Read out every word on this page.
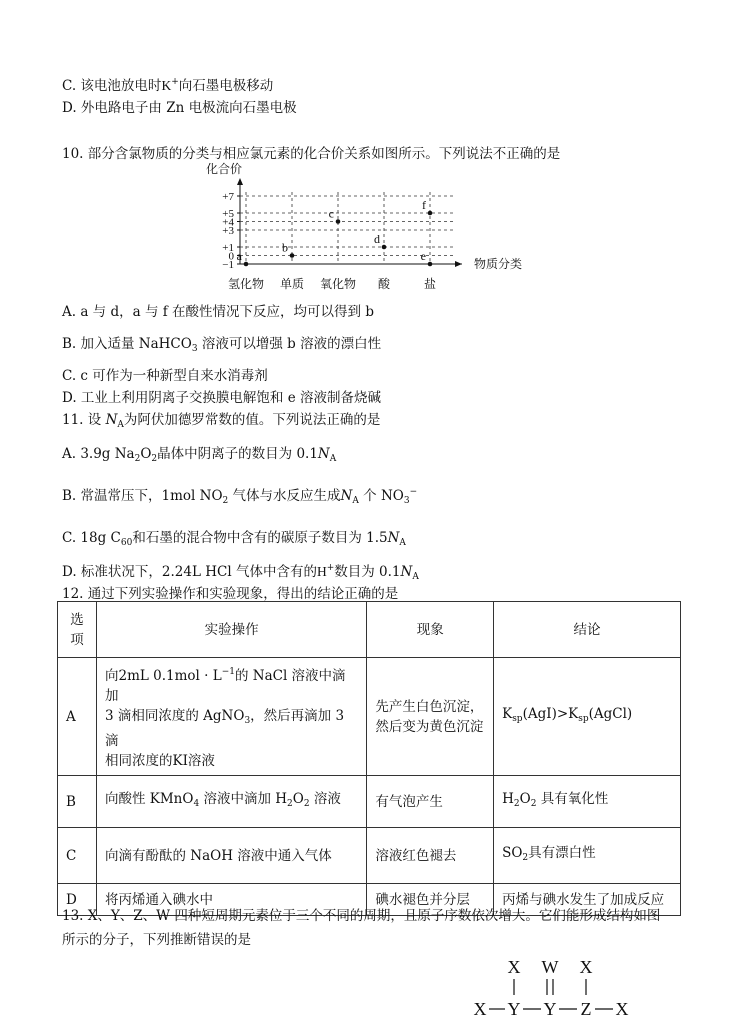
C. 该电池放电时K+向石墨电极移动
D. 外电路电子由 Zn 电极流向石墨电极
10. 部分含氯物质的分类与相应氯元素的化合价关系如图所示。下列说法不正确的是
化合价
物质分类
+7
+5
+4
+3
+1
0
−1
氢化物 单质 氧化物 酸	盐
a
b
c
d
e
f
A. a 与 d，a 与 f 在酸性情况下反应，均可以得到 b
B. 加入适量 NaHCO$_3$ 溶液可以增强 b 溶液的漂白性
C. c 可作为一种新型自来水消毒剂
D. 工业上利用阴离子交换膜电解饱和 e 溶液制备烧碱
11. 设 $N_A$为阿伏加德罗常数的值。下列说法正确的是
A. 3.9g $Na_2O_2$晶体中阴离子的数目为 $0.1N_A$
B. 常温常压下，1mol $NO_2$ 气体与水反应生成$N_A$ 个 $NO_3^-$
C. 18g $C_{60}$和石墨的混合物中含有的碳原子数目为 $1.5N_A$
D. 标准状况下，2.24L HCl 气体中含有的H+数目为 $0.1N_A$
12. 通过下列实验操作和实验现象，得出的结论正确的是
选项	实验操作	现象	结论
A	向2mL $0.1mol \cdot L^{-1}$的 NaCl 溶液中滴加
3 滴相同浓度的 AgNO$_3$，然后再滴加 3 滴
相同浓度的KI溶液	先产生白色沉淀，然后变为黄色沉淀	$K_{sp}(AgI)>K_{sp}(AgCl)$
B	向酸性 KMnO$_4$ 溶液中滴加 $H_2O_2$ 溶液	有气泡产生	$H_2O_2$ 具有氧化性
C	向滴有酚酞的 NaOH 溶液中通入气体	溶液红色褪去	$SO_2$具有漂白性
D	将丙烯通入碘水中	碘水褪色并分层	丙烯与碘水发生了加成反应
13. X、Y、Z、W 四种短周期元素位于三个不同的周期，且原子序数依次增大。它们能形成结构如图
所示的分子，下列推断错误的是
X W X
X Y Y Z X
